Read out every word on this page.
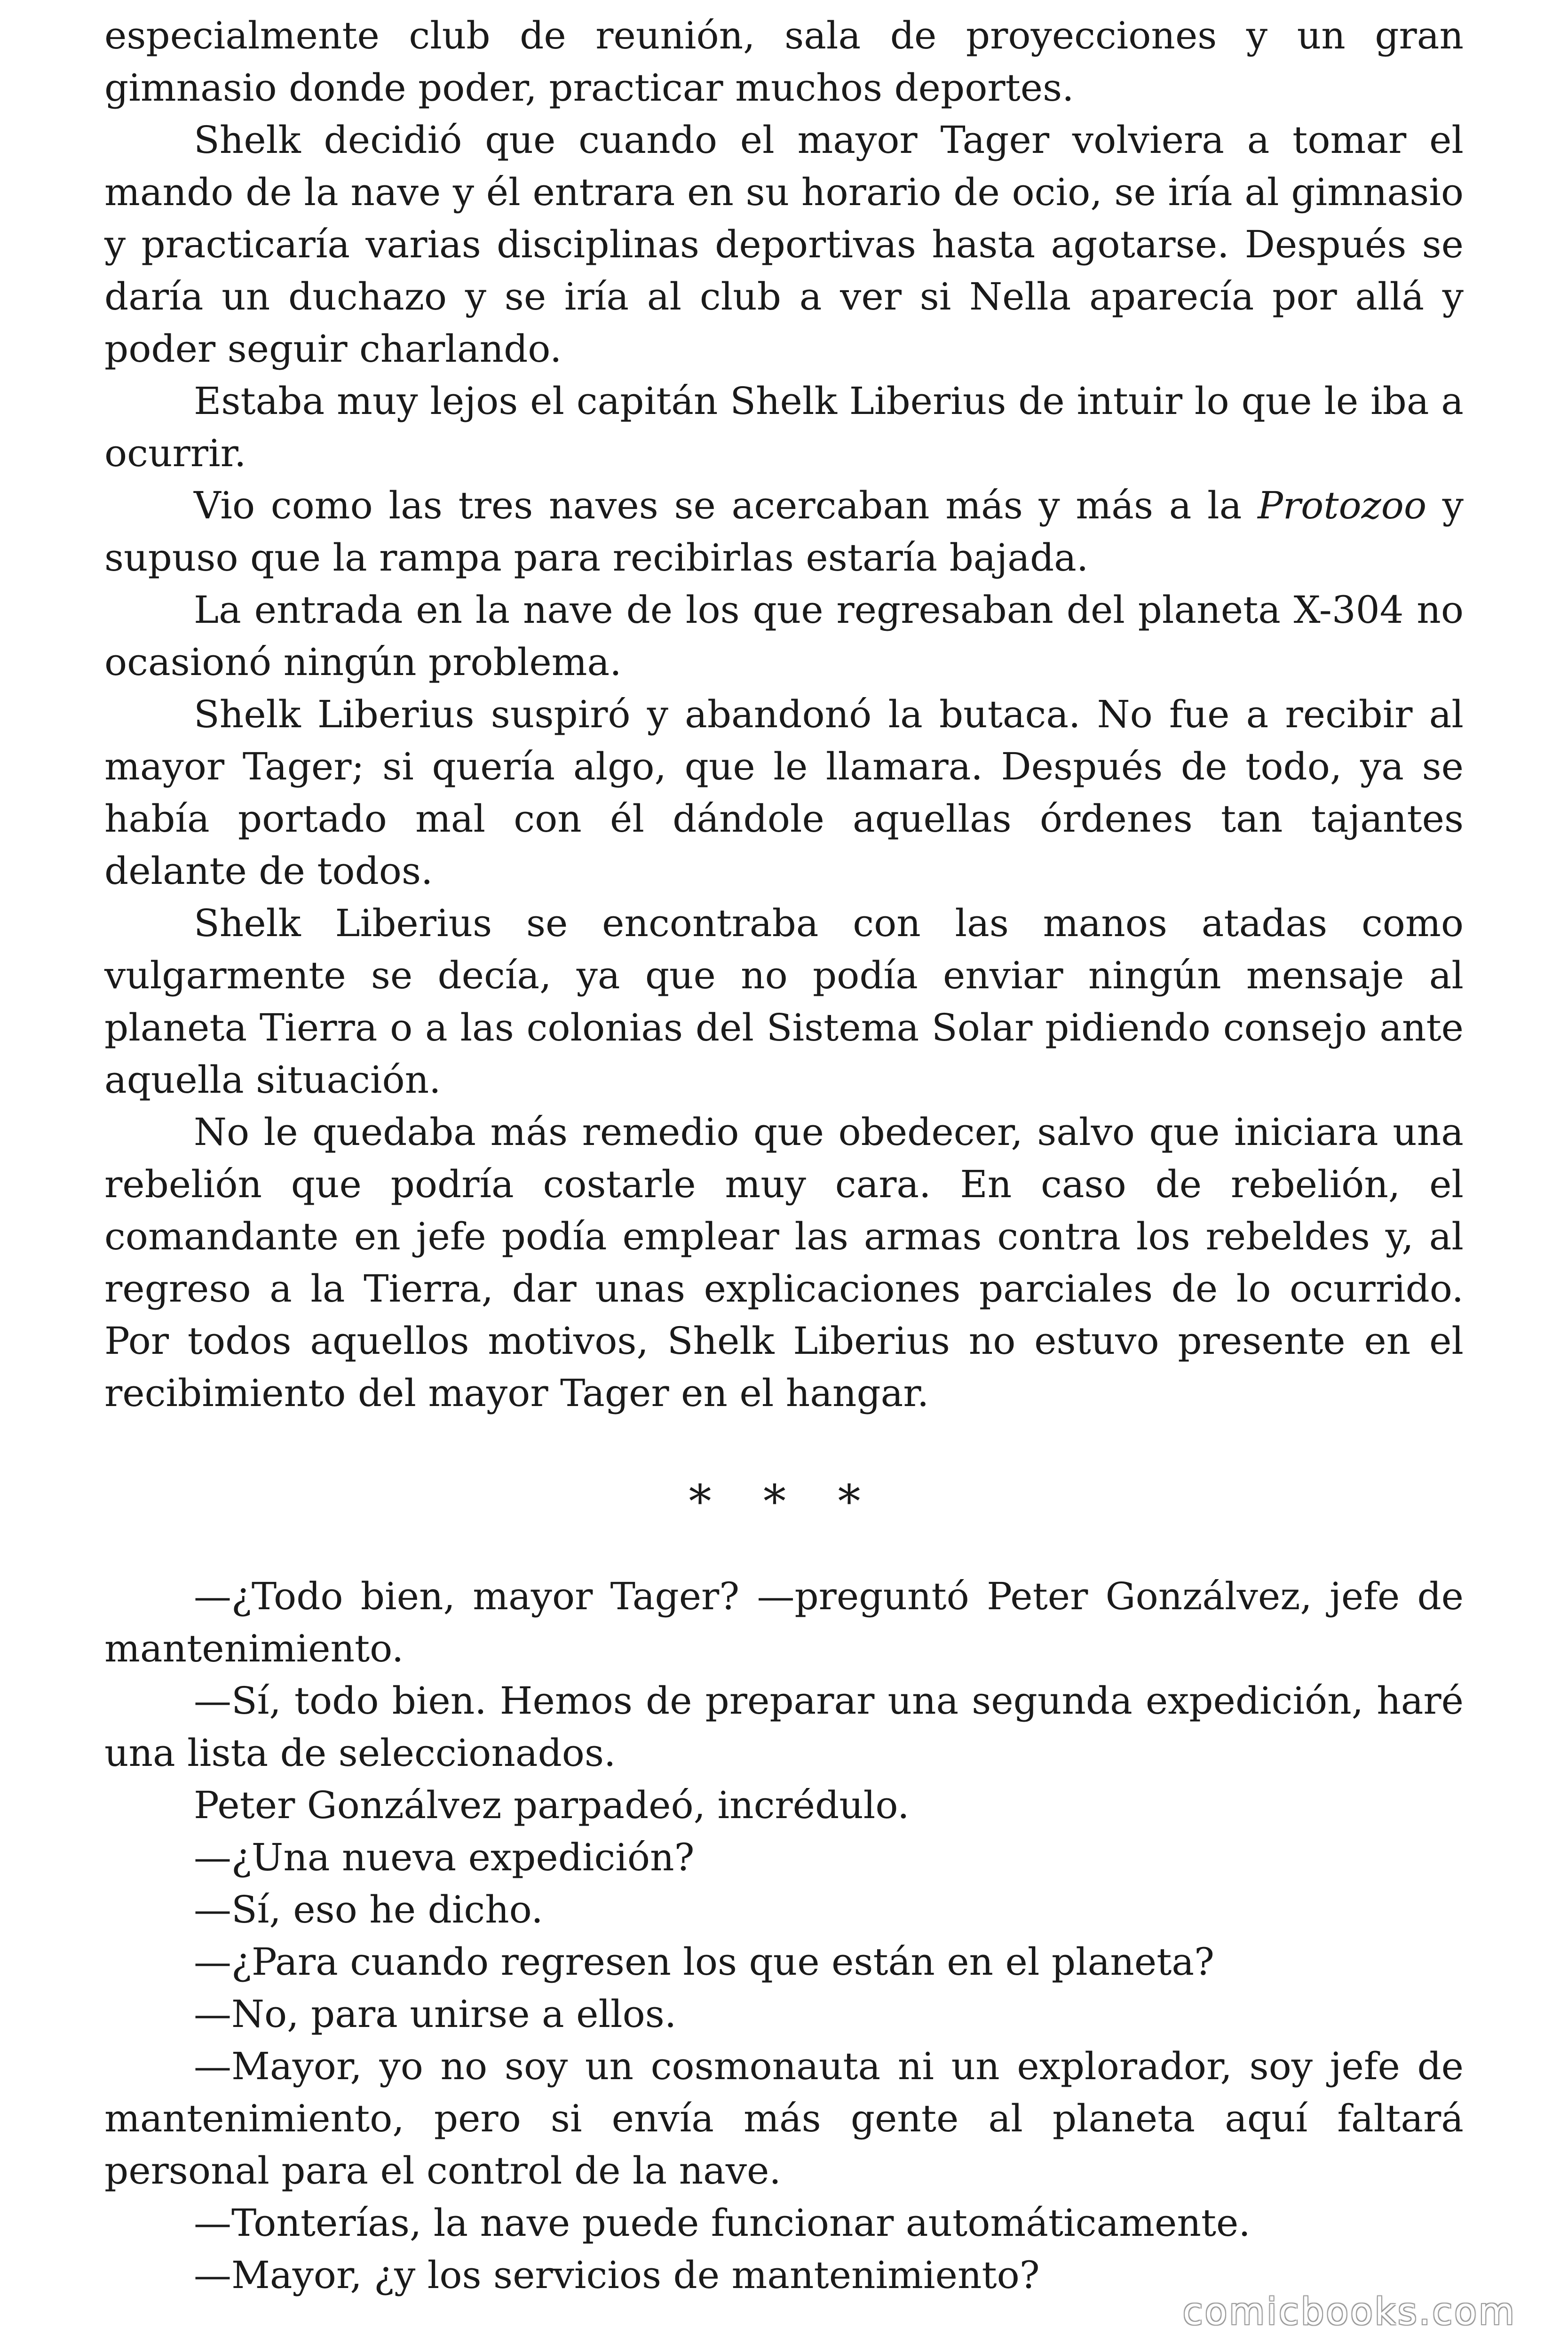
especialmente club de reunión, sala de proyecciones y un gran gimnasio donde poder, practicar muchos deportes.

Shelk decidió que cuando el mayor Tager volviera a tomar el mando de la nave y él entrara en su horario de ocio, se iría al gimnasio y practicaría varias disciplinas deportivas hasta agotarse. Después se daría un duchazo y se iría al club a ver si Nella aparecía por allá y poder seguir charlando.

Estaba muy lejos el capitán Shelk Liberius de intuir lo que le iba a ocurrir.

Vio como las tres naves se acercaban más y más a la Protozoo y supuso que la rampa para recibirlas estaría bajada.

La entrada en la nave de los que regresaban del planeta X-304 no ocasionó ningún problema.

Shelk Liberius suspiró y abandonó la butaca. No fue a recibir al mayor Tager; si quería algo, que le llamara. Después de todo, ya se había portado mal con él dándole aquellas órdenes tan tajantes delante de todos.

Shelk Liberius se encontraba con las manos atadas como vulgarmente se decía, ya que no podía enviar ningún mensaje al planeta Tierra o a las colonias del Sistema Solar pidiendo consejo ante aquella situación.

No le quedaba más remedio que obedecer, salvo que iniciara una rebelión que podría costarle muy cara. En caso de rebelión, el comandante en jefe podía emplear las armas contra los rebeldes y, al regreso a la Tierra, dar unas explicaciones parciales de lo ocurrido. Por todos aquellos motivos, Shelk Liberius no estuvo presente en el recibimiento del mayor Tager en el hangar.

* * *

—¿Todo bien, mayor Tager? —preguntó Peter Gonzálvez, jefe de mantenimiento.

—Sí, todo bien. Hemos de preparar una segunda expedición, haré una lista de seleccionados.

Peter Gonzálvez parpadeó, incrédulo.

—¿Una nueva expedición?

—Sí, eso he dicho.

—¿Para cuando regresen los que están en el planeta?

—No, para unirse a ellos.

—Mayor, yo no soy un cosmonauta ni un explorador, soy jefe de mantenimiento, pero si envía más gente al planeta aquí faltará personal para el control de la nave.

—Tonterías, la nave puede funcionar automáticamente.

—Mayor, ¿y los servicios de mantenimiento?

comicbooks.com
